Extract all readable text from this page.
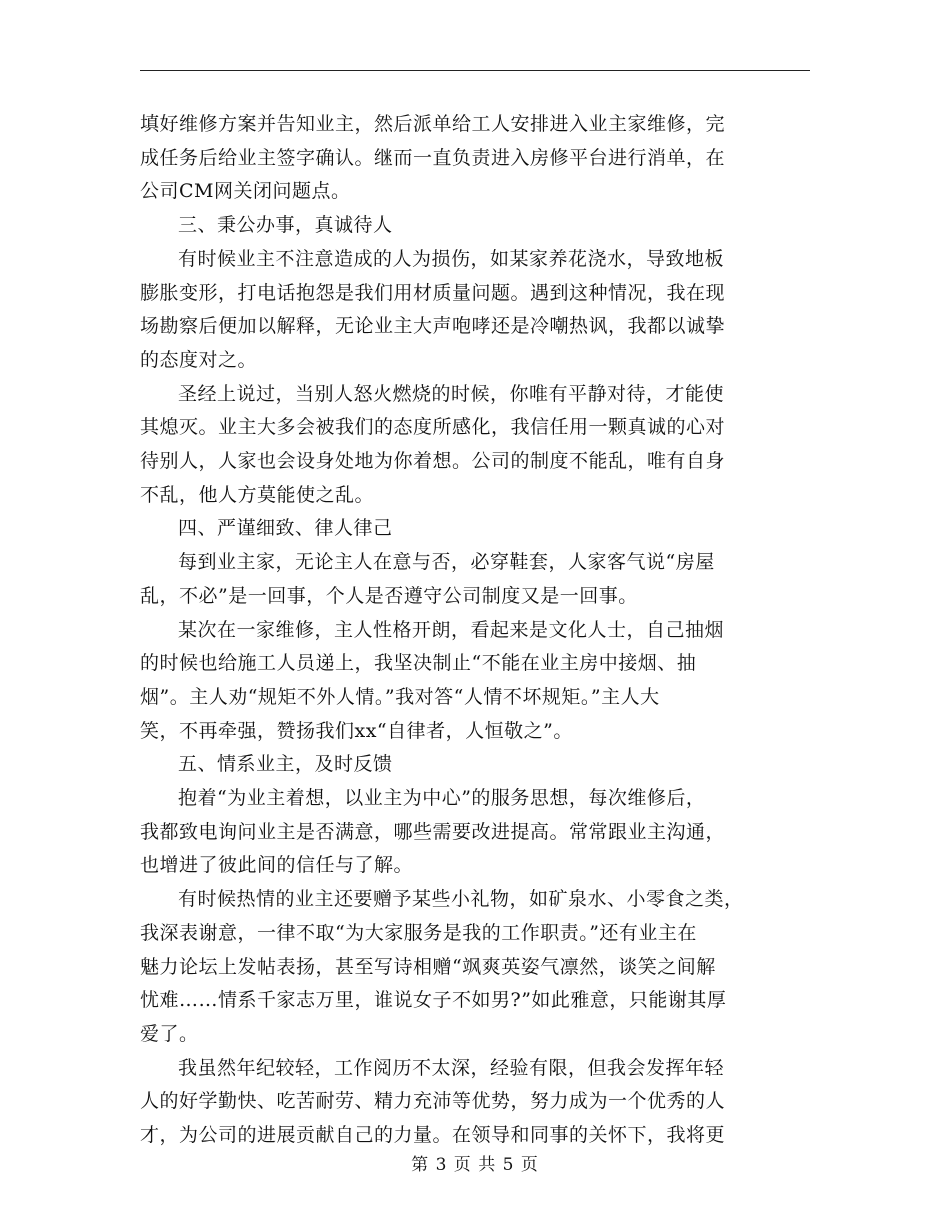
填好维修方案并告知业主，然后派单给工人安排进入业主家维修，完

成任务后给业主签字确认。继而一直负责进入房修平台进行消单，在

公司CM网关闭问题点。

三、秉公办事，真诚待人

有时候业主不注意造成的人为损伤，如某家养花浇水，导致地板

膨胀变形，打电话抱怨是我们用材质量问题。遇到这种情况，我在现

场勘察后便加以解释，无论业主大声咆哮还是冷嘲热讽，我都以诚挚

的态度对之。

圣经上说过，当别人怒火燃烧的时候，你唯有平静对待，才能使

其熄灭。业主大多会被我们的态度所感化，我信任用一颗真诚的心对

待别人，人家也会设身处地为你着想。公司的制度不能乱，唯有自身

不乱，他人方莫能使之乱。

四、严谨细致、律人律己

每到业主家，无论主人在意与否，必穿鞋套，人家客气说“房屋

乱，不必”是一回事，个人是否遵守公司制度又是一回事。

某次在一家维修，主人性格开朗，看起来是文化人士，自己抽烟

的时候也给施工人员递上，我坚决制止“不能在业主房中接烟、抽

烟”。主人劝“规矩不外人情。”我对答“人情不坏规矩。”主人大

笑，不再牵强，赞扬我们xx“自律者，人恒敬之”。

五、情系业主，及时反馈

抱着“为业主着想，以业主为中心”的服务思想，每次维修后，

我都致电询问业主是否满意，哪些需要改进提高。常常跟业主沟通，

也增进了彼此间的信任与了解。

有时候热情的业主还要赠予某些小礼物，如矿泉水、小零食之类，

我深表谢意，一律不取“为大家服务是我的工作职责。”还有业主在

魅力论坛上发帖表扬，甚至写诗相赠“飒爽英姿气凛然，谈笑之间解

忧难……情系千家志万里，谁说女子不如男?”如此雅意，只能谢其厚

爱了。

我虽然年纪较轻，工作阅历不太深，经验有限，但我会发挥年轻

人的好学勤快、吃苦耐劳、精力充沛等优势，努力成为一个优秀的人

才，为公司的进展贡献自己的力量。在领导和同事的关怀下，我将更

第 3 页 共 5 页
